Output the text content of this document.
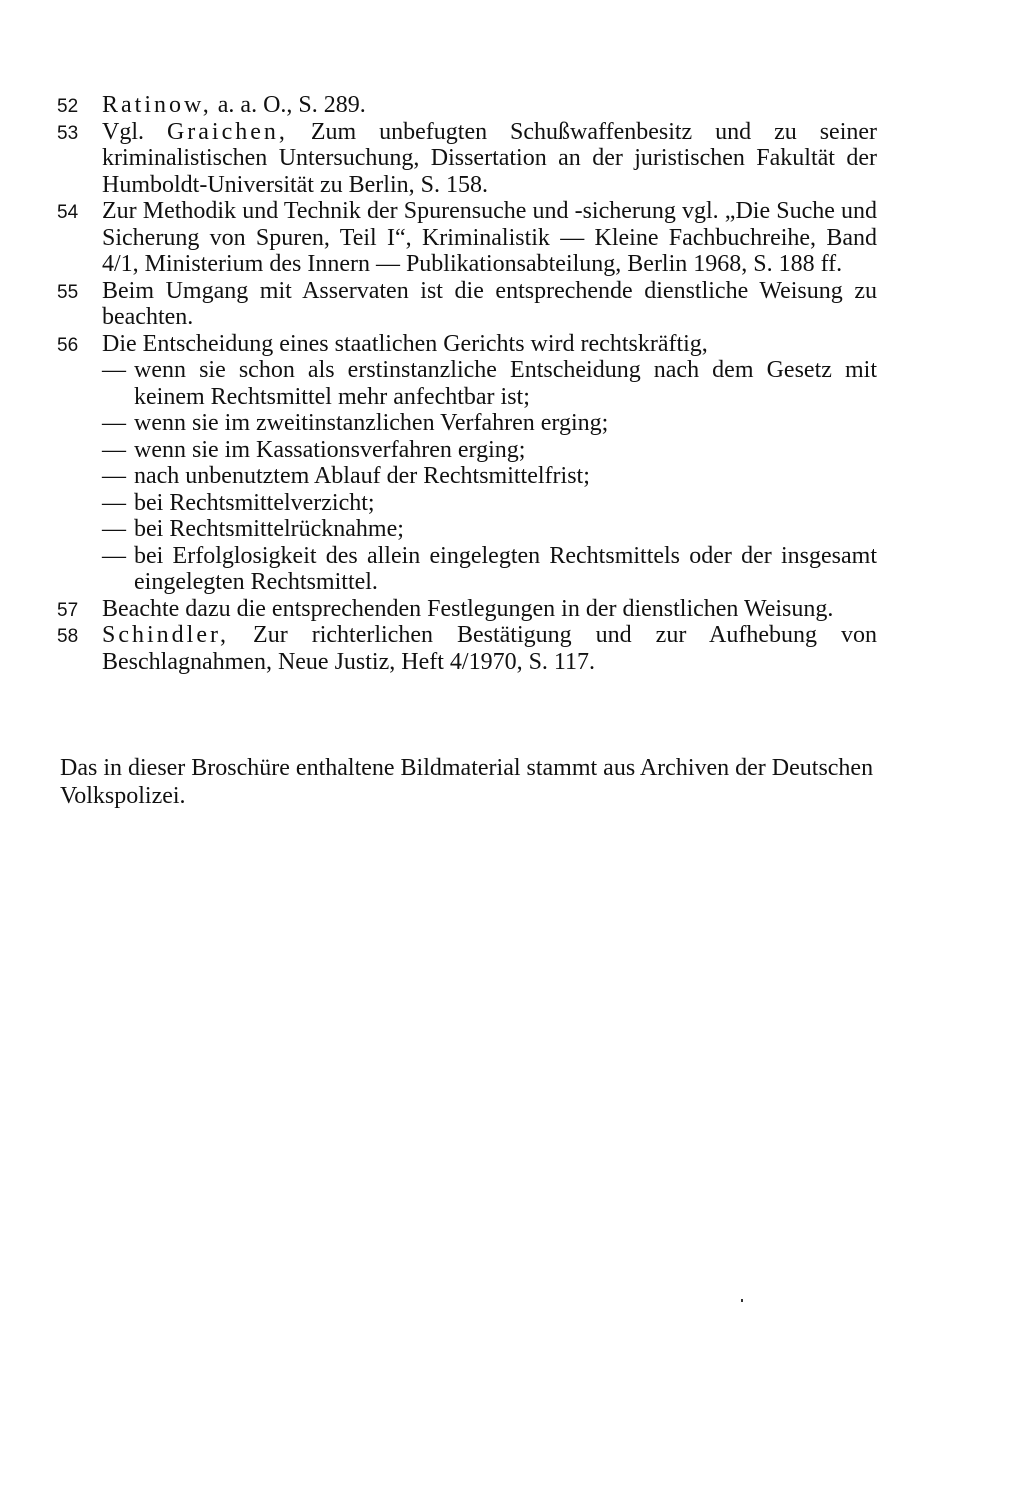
52 Ratinow, a. a. O., S. 289.
53 Vgl. Graichen, Zum unbefugten Schußwaffenbesitz und zu seiner kriminalistischen Untersuchung, Dissertation an der juristischen Fakultät der Humboldt-Universität zu Berlin, S. 158.
54 Zur Methodik und Technik der Spurensuche und -sicherung vgl. „Die Suche und Sicherung von Spuren, Teil I“, Kriminalistik — Kleine Fachbuchreihe, Band 4/1, Ministerium des Innern — Publikationsabteilung, Berlin 1968, S. 188 ff.
55 Beim Umgang mit Asservaten ist die entsprechende dienstliche Weisung zu beachten.
56 Die Entscheidung eines staatlichen Gerichts wird rechtskräftig,
— wenn sie schon als erstinstanzliche Entscheidung nach dem Gesetz mit keinem Rechtsmittel mehr anfechtbar ist;
— wenn sie im zweitinstanzlichen Verfahren erging;
— wenn sie im Kassationsverfahren erging;
— nach unbenutztem Ablauf der Rechtsmittelfrist;
— bei Rechtsmittelverzicht;
— bei Rechtsmittelrücknahme;
— bei Erfolglosigkeit des allein eingelegten Rechtsmittels oder der insgesamt eingelegten Rechtsmittel.
57 Beachte dazu die entsprechenden Festlegungen in der dienstlichen Weisung.
58 Schindler, Zur richterlichen Bestätigung und zur Aufhebung von Beschlagnahmen, Neue Justiz, Heft 4/1970, S. 117.

Das in dieser Broschüre enthaltene Bildmaterial stammt aus Archiven der Deutschen Volkspolizei.
